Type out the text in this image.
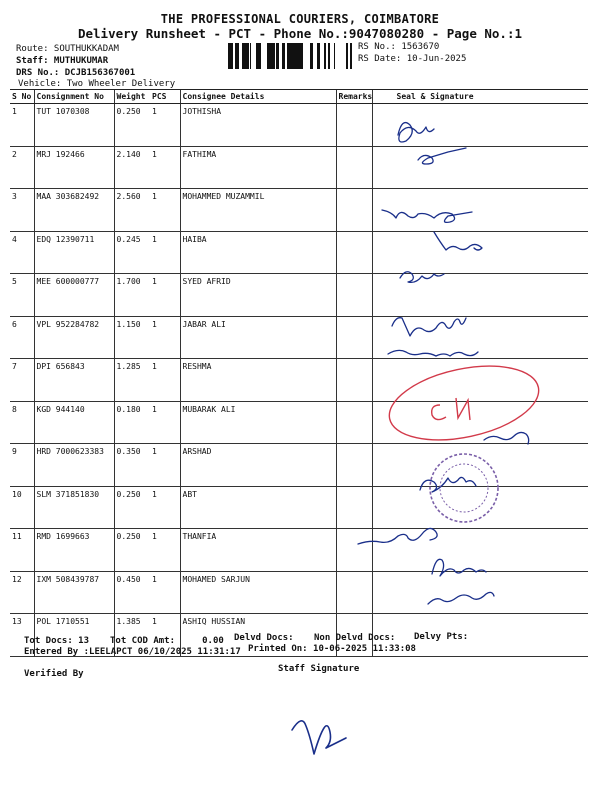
THE PROFESSIONAL COURIERS, COIMBATORE
Delivery Runsheet - PCT - Phone No.:9047080280 - Page No.:1
Route: SOUTHUKKADAM
Staff: MUTHUKUMAR
DRS No.: DCJB156367001
Vehicle: Two Wheeler Delivery
RS No.: 1563670
RS Date: 10-Jun-2025
S No	Consignment No	Weight	PCS	Consignee Details	Remarks	Seal & Signature
1	TUT 1070308	0.250	1	JOTHISHA		
2	MRJ 192466	2.140	1	FATHIMA		
3	MAA 303682492	2.560	1	MOHAMMED MUZAMMIL		
4	EDQ 12390711	0.245	1	HAIBA		
5	MEE 600000777	1.700	1	SYED AFRID		
6	VPL 952284782	1.150	1	JABAR ALI		
7	DPI 656843	1.285	1	RESHMA		
8	KGD 944140	0.180	1	MUBARAK ALI		
9	HRD 7000623383	0.350	1	ARSHAD		
10	SLM 371851830	0.250	1	ABT		
11	RMD 1699663	0.250	1	THANFIA		
12	IXM 508439787	0.450	1	MOHAMED SARJUN		
13	POL 1710551	1.385	1	ASHIQ HUSSIAN		
Tot Docs: 13 Tot COD Amt:     0.00 Delvd Docs: Non Delvd Docs: Delvy Pts:
Entered By :LEELAPCT 06/10/2025 11:31:17 Printed On: 10-06-2025 11:33:08
Verified By	Staff Signature
